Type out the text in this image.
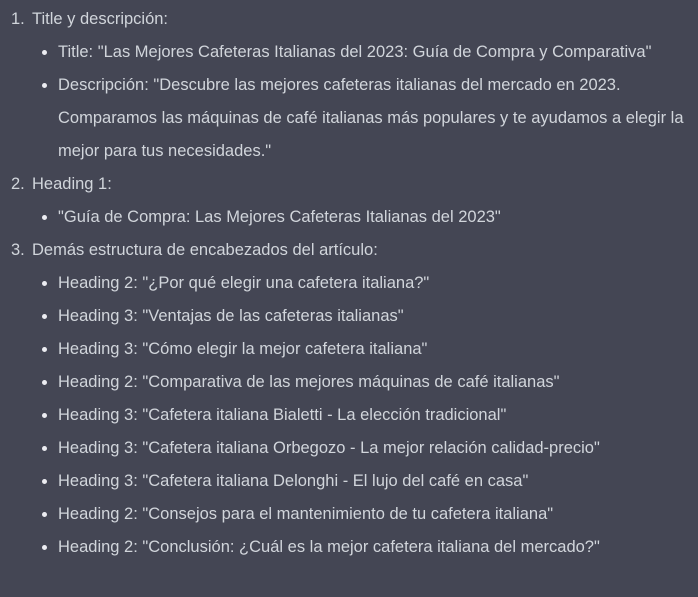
1. Title y descripción:
Title: "Las Mejores Cafeteras Italianas del 2023: Guía de Compra y Comparativa"
Descripción: "Descubre las mejores cafeteras italianas del mercado en 2023. Comparamos las máquinas de café italianas más populares y te ayudamos a elegir la mejor para tus necesidades."
2. Heading 1:
"Guía de Compra: Las Mejores Cafeteras Italianas del 2023"
3. Demás estructura de encabezados del artículo:
Heading 2: "¿Por qué elegir una cafetera italiana?"
Heading 3: "Ventajas de las cafeteras italianas"
Heading 3: "Cómo elegir la mejor cafetera italiana"
Heading 2: "Comparativa de las mejores máquinas de café italianas"
Heading 3: "Cafetera italiana Bialetti - La elección tradicional"
Heading 3: "Cafetera italiana Orbegozo - La mejor relación calidad-precio"
Heading 3: "Cafetera italiana Delonghi - El lujo del café en casa"
Heading 2: "Consejos para el mantenimiento de tu cafetera italiana"
Heading 2: "Conclusión: ¿Cuál es la mejor cafetera italiana del mercado?"
